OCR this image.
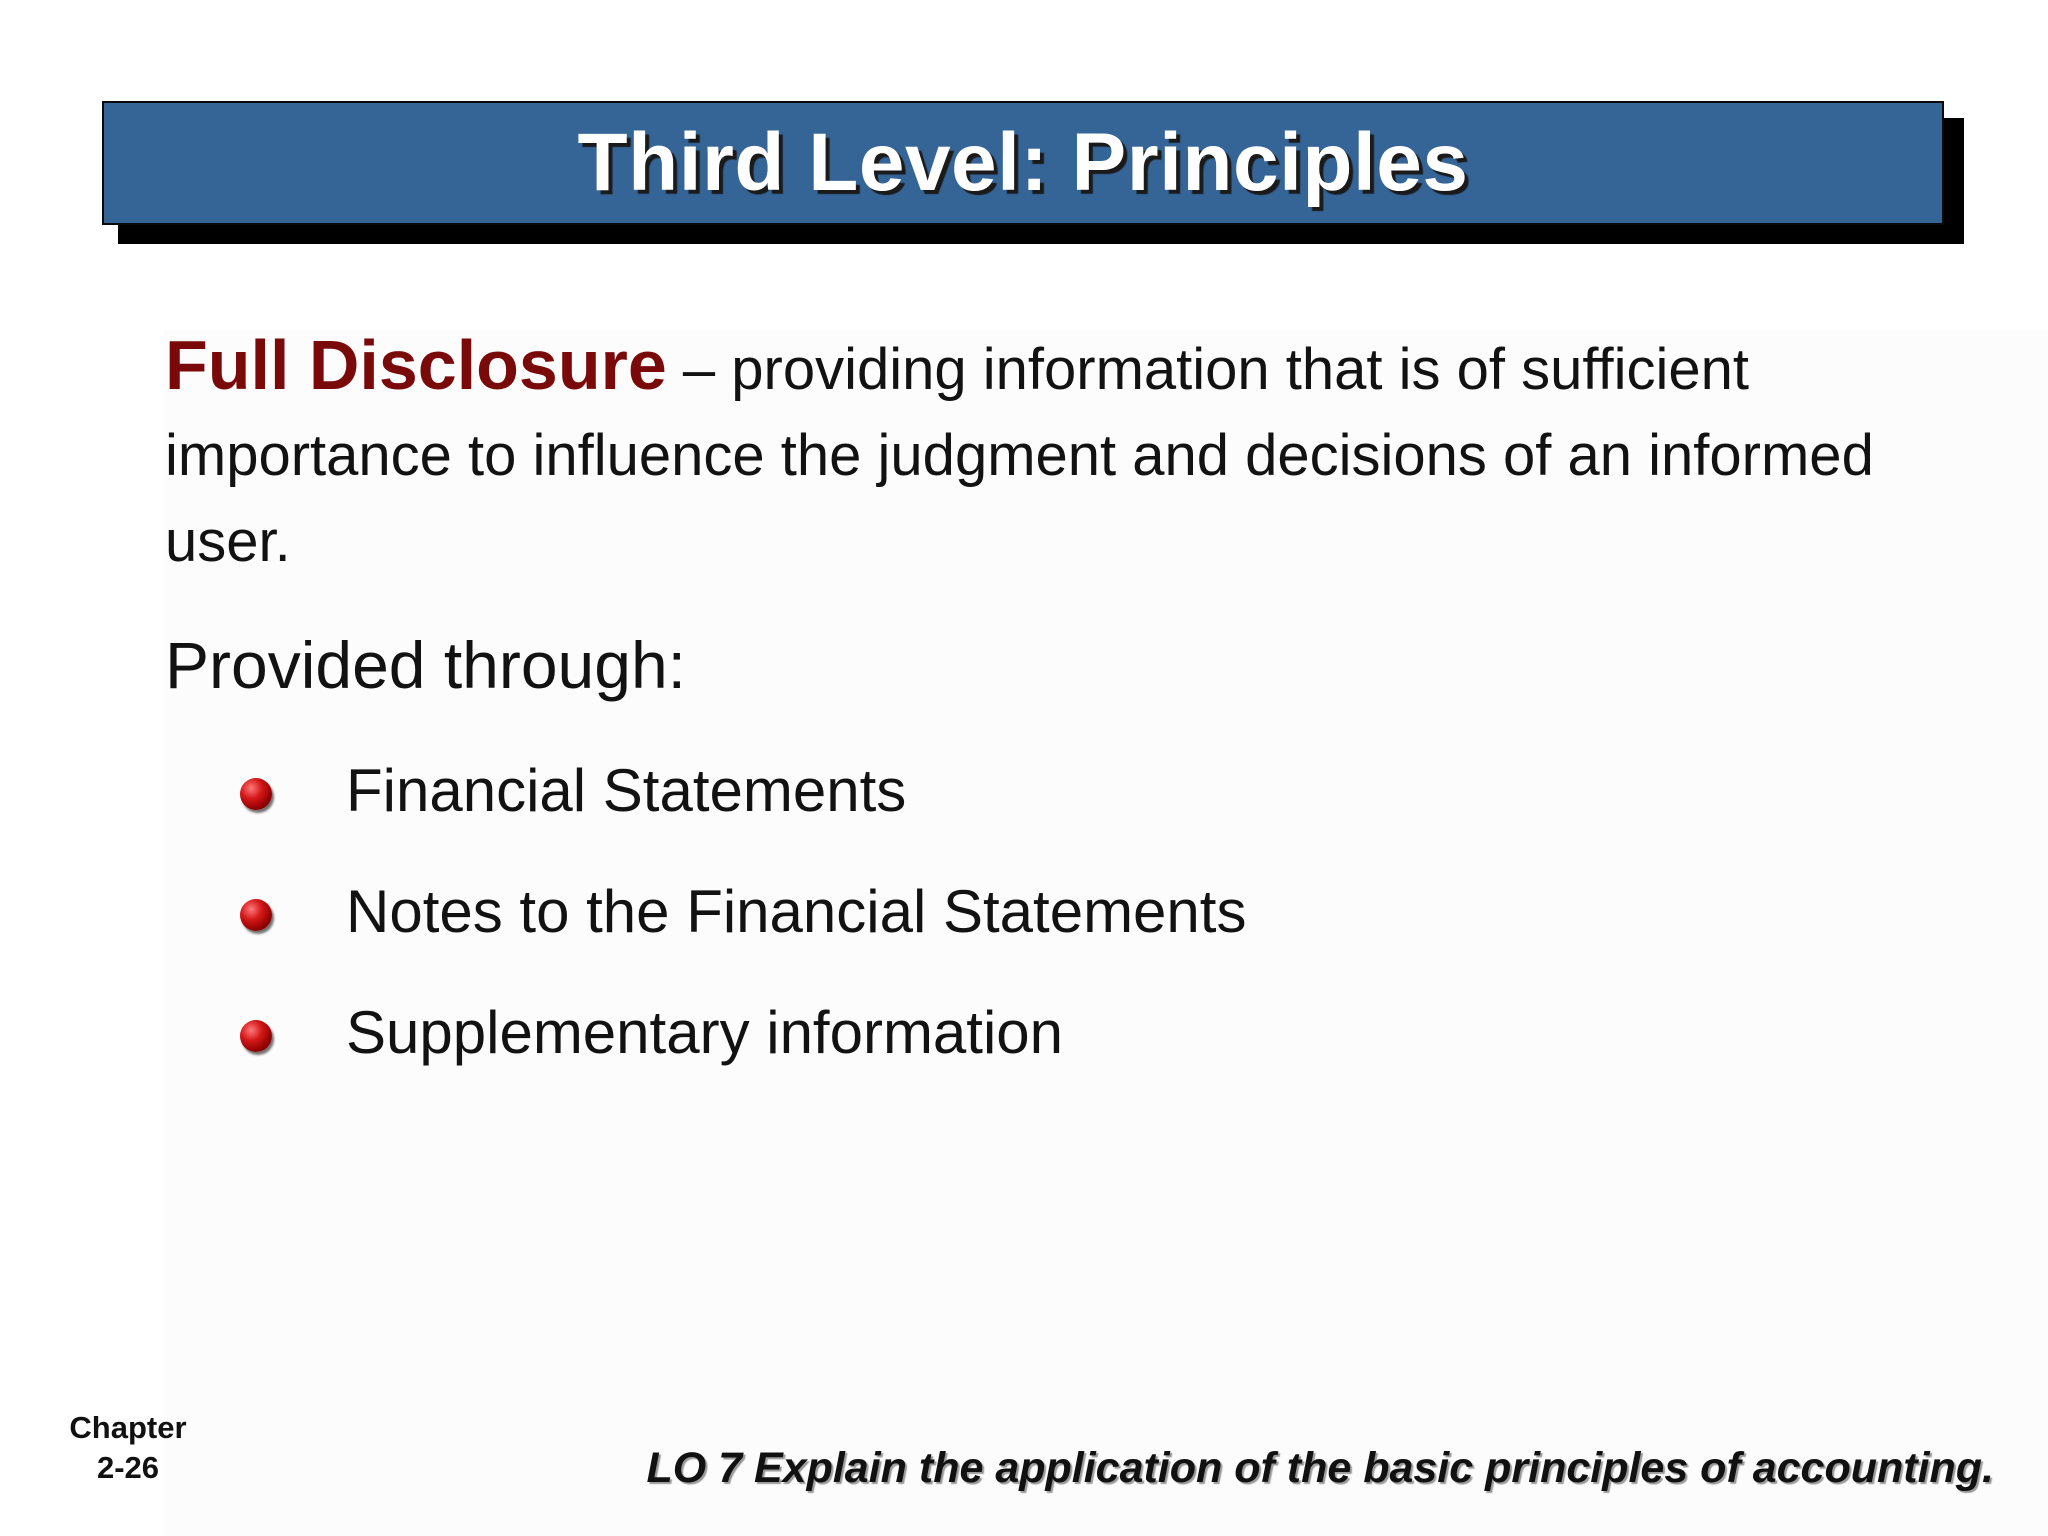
Third Level: Principles
Full Disclosure – providing information that is of sufficient importance to influence the judgment and decisions of an informed user.
Provided through:
Financial Statements
Notes to the Financial Statements
Supplementary information
Chapter
2-26	LO 7 Explain the application of the basic principles of accounting.
